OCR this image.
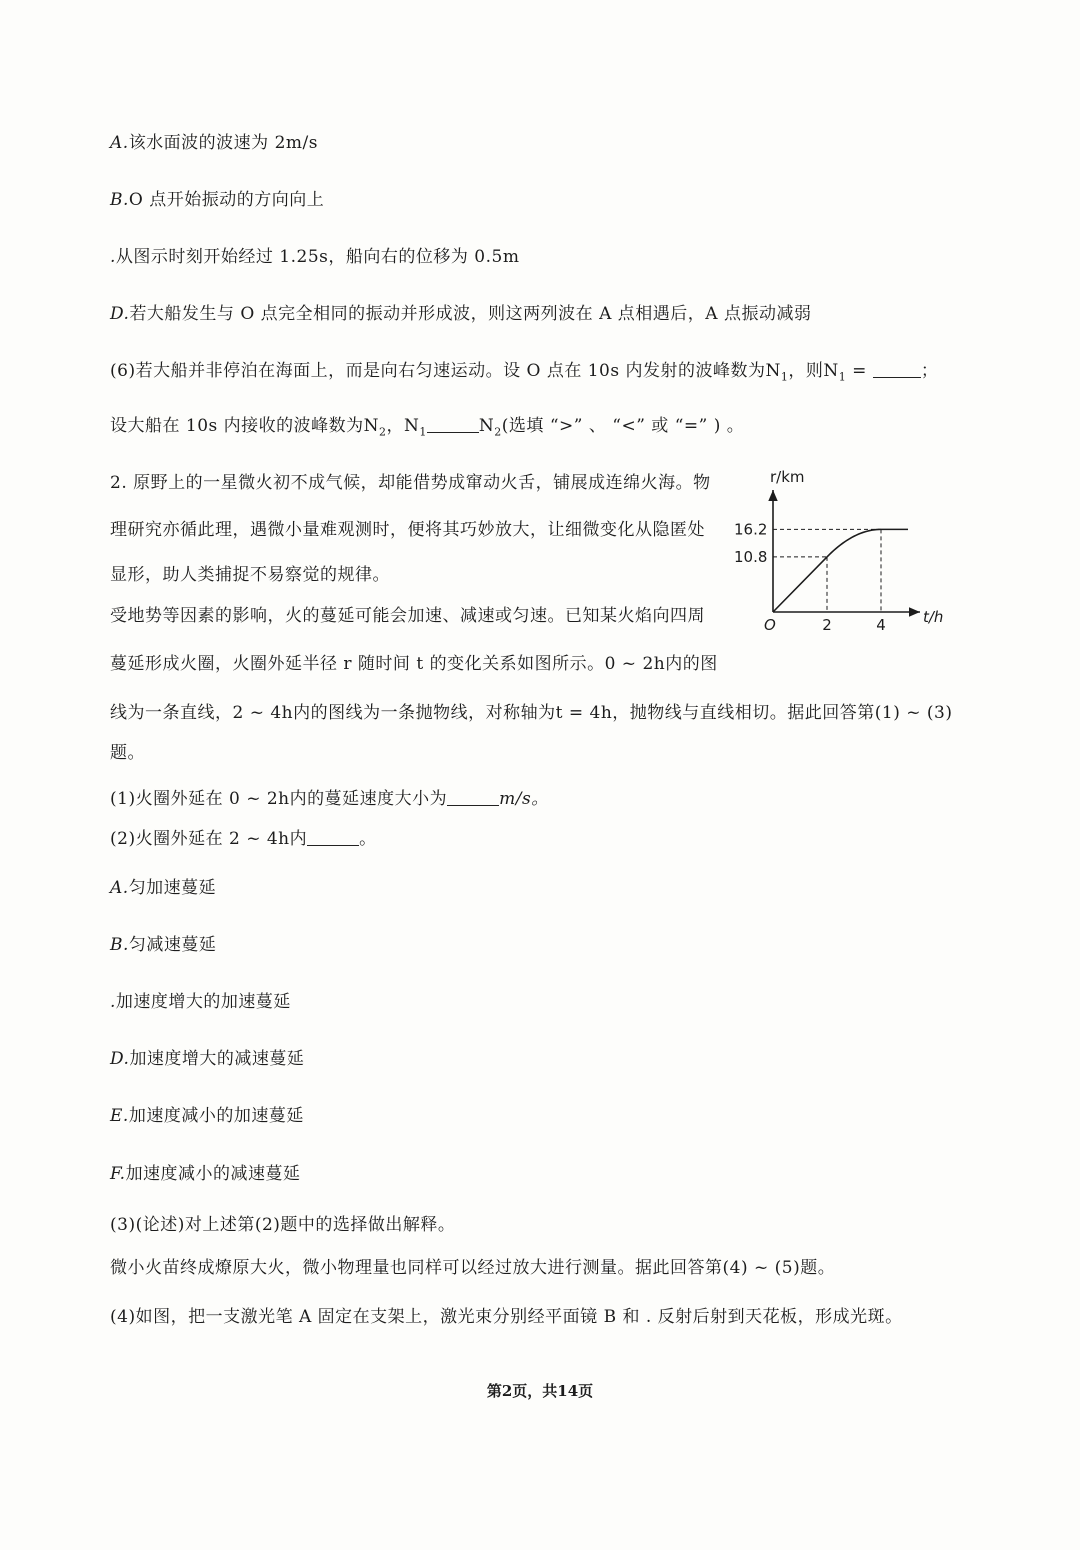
A.该水面波的波速为 2m/s
B.O 点开始振动的方向向上
.从图示时刻开始经过 1.25s，船向右的位移为 0.5m
D.若大船发生与 O 点完全相同的振动并形成波，则这两列波在 A 点相遇后，A 点振动减弱
(6)若大船并非停泊在海面上，而是向右匀速运动。设 O 点在 10s 内发射的波峰数为$N_1$，则$N_1$ =	；
设大船在 10s 内接收的波峰数为$N_2$，$N_1$	$N_2$(选填 “>” 、 “<” 或 “=” ) 。
2. 原野上的一星微火初不成气候，却能借势成窜动火舌，铺展成连绵火海。物
理研究亦循此理，遇微小量难观测时，便将其巧妙放大，让细微变化从隐匿处
显形，助人类捕捉不易察觉的规律。
受地势等因素的影响，火的蔓延可能会加速、减速或匀速。已知某火焰向四周
蔓延形成火圈，火圈外延半径 r 随时间 t 的变化关系如图所示。0 ~ 2h内的图
线为一条直线，2 ~ 4h内的图线为一条抛物线，对称轴为t = 4h，抛物线与直线相切。据此回答第(1) ~ (3)
题。
r/km
t/h
O
10.8
16.2
2	4
(1)火圈外延在 0 ~ 2h内的蔓延速度大小为	m/s。
(2)火圈外延在 2 ~ 4h内	。
A.匀加速蔓延
B.匀减速蔓延
.加速度增大的加速蔓延
D.加速度增大的减速蔓延
E.加速度减小的加速蔓延
F.加速度减小的减速蔓延
(3)(论述)对上述第(2)题中的选择做出解释。
微小火苗终成燎原大火，微小物理量也同样可以经过放大进行测量。据此回答第(4) ~ (5)题。
(4)如图，把一支激光笔 A 固定在支架上，激光束分别经平面镜 B 和 . 反射后射到天花板，形成光斑。
第2页，共14页
